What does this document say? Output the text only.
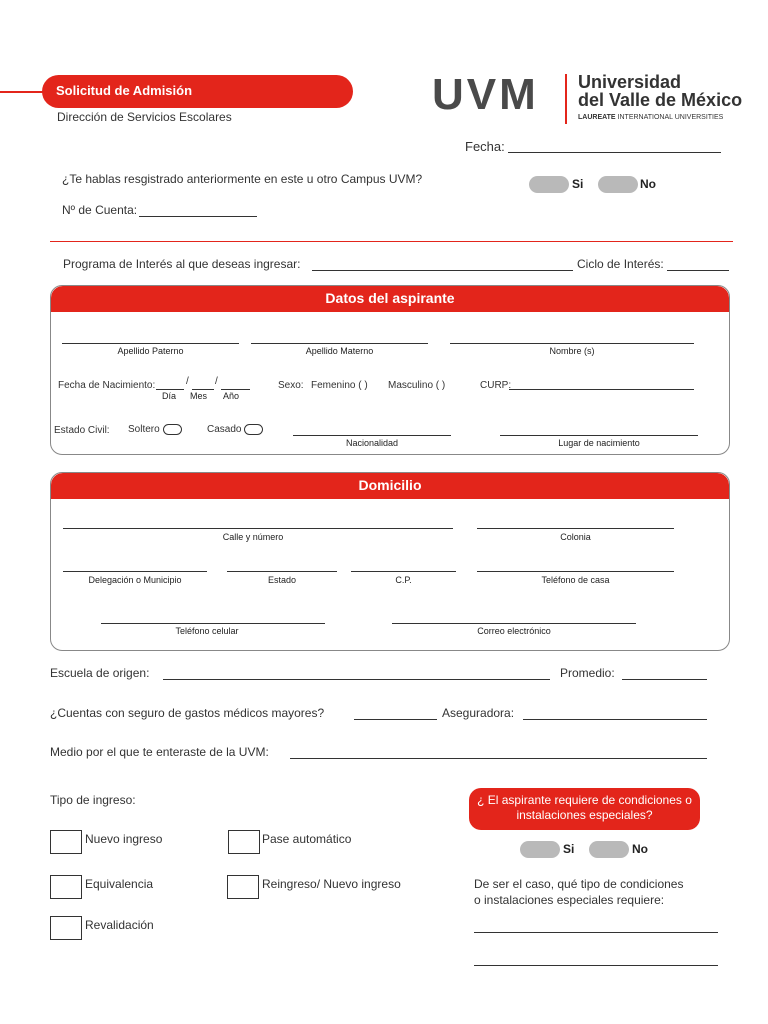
Solicitud de Admisión
Dirección de Servicios Escolares	UVM Universidad
del Valle de México
LAUREATE INTERNATIONAL UNIVERSITIES
Fecha:
¿Te hablas resgistrado anteriormente en este u otro Campus UVM?	Si	No
Nº de Cuenta:
Programa de Interés al que deseas ingresar:	Ciclo de Interés:
Datos del aspirante
Apellido Paterno	Apellido Materno	Nombre (s)
Fecha de Nacimiento:	/	/
Día Mes Año
Sexo: Femenino ( ) Masculino ( )	CURP:
Estado Civil: Soltero	Casado
Nacionalidad	Lugar de nacimiento
Domicilio
Calle y número	Colonia
Delegación o Municipio	Estado	C.P.	Teléfono de casa
Teléfono celular	Correo electrónico
Escuela de origen:	Promedio:
¿Cuentas con seguro de gastos médicos mayores?	Aseguradora:
Medio por el que te enteraste de la UVM:
Tipo de ingreso:
Nuevo ingreso	Pase automático
Equivalencia	Reingreso/ Nuevo ingreso
Revalidación
¿ El aspirante requiere de condiciones o instalaciones especiales?
Si	No
De ser el caso, qué tipo de condiciones
o instalaciones especiales requiere:
